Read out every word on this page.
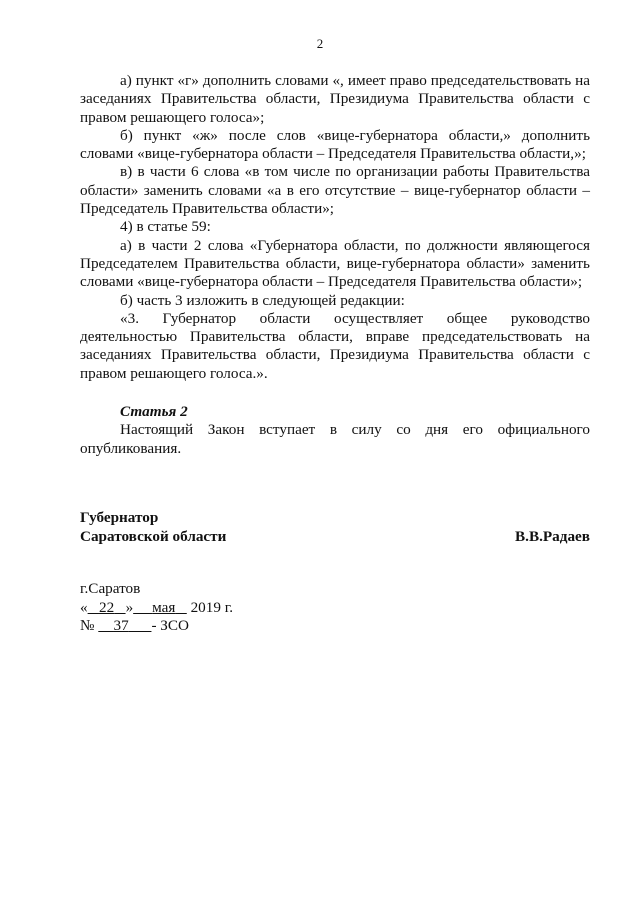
2

а) пункт «г» дополнить словами «, имеет право председательствовать на заседаниях Правительства области, Президиума Правительства области с правом решающего голоса»;

б) пункт «ж» после слов «вице-губернатора области,» дополнить словами «вице-губернатора области – Председателя Правительства области,»;

в) в части 6 слова «в том числе по организации работы Правительства области» заменить словами «а в его отсутствие – вице-губернатор области – Председатель Правительства области»;

4) в статье 59:

а) в части 2 слова «Губернатора области, по должности являющегося Председателем Правительства области, вице-губернатора области» заменить словами «вице-губернатора области – Председателя Правительства области»;

б) часть 3 изложить в следующей редакции:

«3. Губернатор области осуществляет общее руководство деятельностью Правительства области, вправе председательствовать на заседаниях Правительства области, Президиума Правительства области с правом решающего голоса.».

Статья 2

Настоящий Закон вступает в силу со дня его официального опубликования.

Губернатор
Саратовской области	В.В.Радаев
г.Саратов
« 22 » мая 2019 г.
№ 37 - ЗСО
